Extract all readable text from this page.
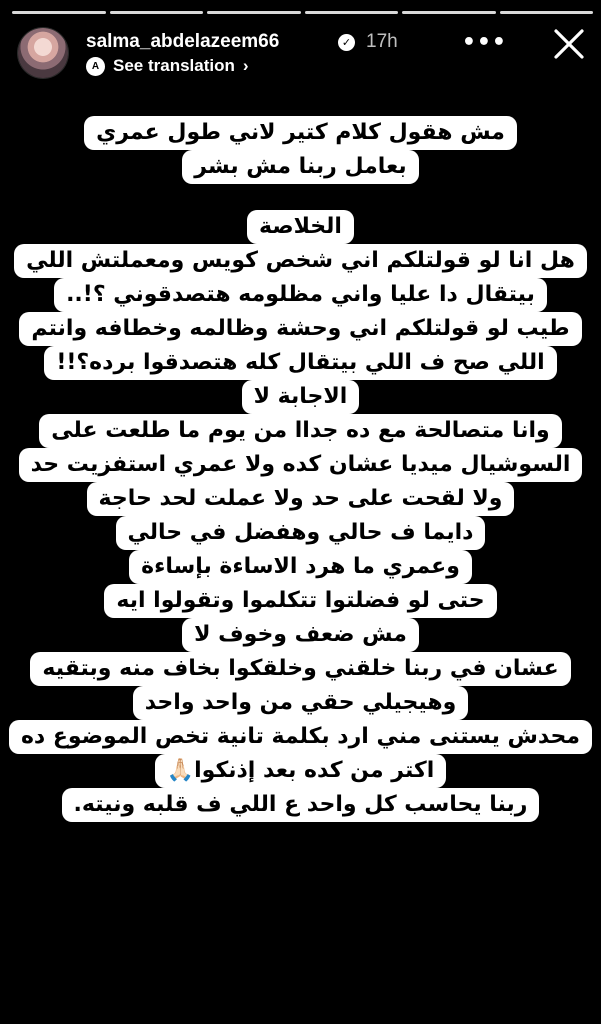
salma_abdelazeem66	✓ 17h	•••
A See translation ›
مش هقول كلام كتير لاني طول عمري
بعامل ربنا مش بشر
الخلاصة
هل انا لو قولتلكم اني شخص كويس ومعملتش اللي
بيتقال دا عليا واني مظلومه هتصدقوني ؟!..
طيب لو قولتلكم اني وحشة وظالمه وخطافه وانتم
اللي صح ف اللي بيتقال كله هتصدقوا برده؟!!
الاجابة لا
وانا متصالحة مع ده جداا من يوم ما طلعت على
السوشيال ميديا عشان كده ولا عمري استفزيت حد
ولا لقحت على حد ولا عملت لحد حاجة
دايما ف حالي وهفضل في حالي
وعمري ما هرد الاساءة بإساءة
حتى لو فضلتوا تتكلموا وتقولوا ايه
مش ضعف وخوف لا
عشان في ربنا خلقني وخلقكوا بخاف منه وبتقيه
وهيجيلي حقي من واحد واحد
محدش يستنى مني ارد بكلمة تانية تخص الموضوع ده
اكتر من كده بعد إذنكوا🙏🏻
ربنا يحاسب كل واحد ع اللي ف قلبه ونيته.
